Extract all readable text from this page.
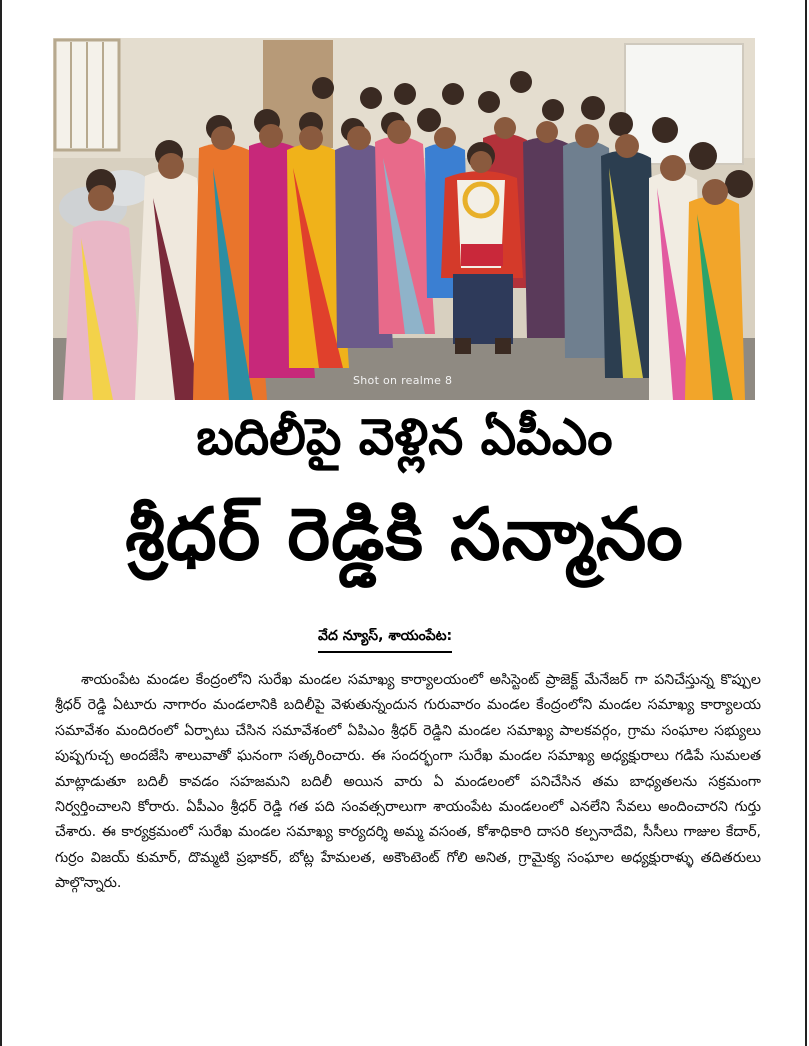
Shot on realme 8
బదిలీపై వెళ్లిన ఏపీఎం
శ్రీధర్ రెడ్డికి సన్మానం
వేద న్యూస్, శాయంపేట:
శాయంపేట మండల కేంద్రంలోని సురేఖ మండల సమాఖ్య కార్యాలయంలో అసిస్టెంట్ ప్రాజెక్ట్ మేనేజర్ గా పనిచేస్తున్న కొప్పుల శ్రీధర్ రెడ్డి ఏటూరు నాగారం మండలానికి బదిలీపై వెళుతున్నందున గురువారం మండల కేంద్రంలోని మండల సమాఖ్య కార్యాలయ సమావేశం మందిరంలో ఏర్పాటు చేసిన సమావేశంలో ఏపిఎం శ్రీధర్ రెడ్డిని మండల సమాఖ్య పాలకవర్గం, గ్రామ సంఘాల సభ్యులు పుష్పగుచ్చ అందజేసి శాలువాతో ఘనంగా సత్కరించారు. ఈ సందర్భంగా సురేఖ మండల సమాఖ్య అధ్యక్షురాలు గడిపే సుమలత మాట్లాడుతూ బదిలీ కావడం సహజమని బదిలీ అయిన వారు ఏ మండలంలో పనిచేసిన తమ బాధ్యతలను సక్రమంగా నిర్వర్తించాలని కోరారు. ఏపీఎం శ్రీధర్ రెడ్డి గత పది సంవత్సరాలుగా శాయంపేట మండలంలో ఎనలేని సేవలు అందించారని గుర్తు చేశారు. ఈ కార్యక్రమంలో సురేఖ మండల సమాఖ్య కార్యదర్శి అమ్మ వసంత, కోశాధికారి దాసరి కల్పనాదేవి, సీసీలు గాజుల కేదార్, గుర్రం విజయ్ కుమార్, దొమ్మటి ప్రభాకర్, బోట్ల హేమలత, అకౌంటెంట్ గోలి అనిత, గ్రామైక్య సంఘాల అధ్యక్షురాళ్ళు తదితరులు పాల్గొన్నారు.
